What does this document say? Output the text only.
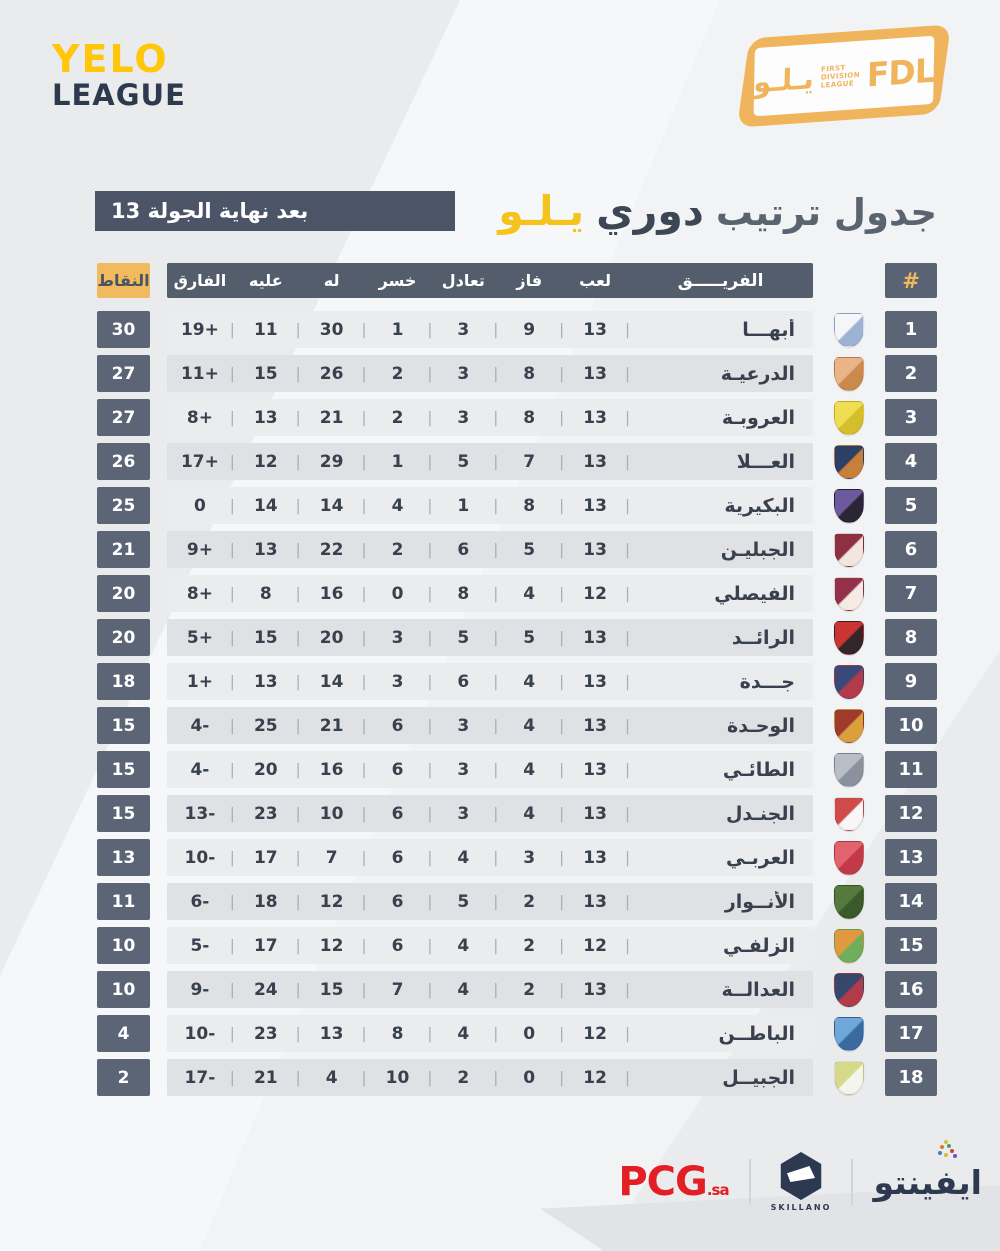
YELO
LEAGUE	يـلـو FIRST
DIVISION
LEAGUE FDL
بعد نهاية الجولة 13	جدول ترتيب
دوري
يـلـو
#
الفريـــــق
لعب
فاز
تعادل
خسر
له
عليه
الفارق
النقاط
1
أبهـــا
| 13
| 9
| 3
| 1
| 30
| 11
| 19+
30
2
الدرعيـة
| 13
| 8
| 3
| 2
| 26
| 15
| 11+
27
3
العروبـة
| 13
| 8
| 3
| 2
| 21
| 13
| 8+
27
4
العـــلا
| 13
| 7
| 5
| 1
| 29
| 12
| 17+
26
5
البكيرية
| 13
| 8
| 1
| 4
| 14
| 14
| 0
25
6
الجبليـن
| 13
| 5
| 6
| 2
| 22
| 13
| 9+
21
7
الفيصلي
| 12
| 4
| 8
| 0
| 16
| 8
| 8+
20
8
الرائــد
| 13
| 5
| 5
| 3
| 20
| 15
| 5+
20
9
جـــدة
| 13
| 4
| 6
| 3
| 14
| 13
| 1+
18
10
الوحـدة
| 13
| 4
| 3
| 6
| 21
| 25
| 4-
15
11
الطائـي
| 13
| 4
| 3
| 6
| 16
| 20
| 4-
15
12
الجنـدل
| 13
| 4
| 3
| 6
| 10
| 23
| 13-
15
13
العربـي
| 13
| 3
| 4
| 6
| 7
| 17
| 10-
13
14
الأنــوار
| 13
| 2
| 5
| 6
| 12
| 18
| 6-
11
15
الزلفـي
| 12
| 2
| 4
| 6
| 12
| 17
| 5-
10
16
العدالــة
| 13
| 2
| 4
| 7
| 15
| 24
| 9-
10
17
الباطــن
| 12
| 0
| 4
| 8
| 13
| 23
| 10-
4
18
الجبيــل
| 12
| 0
| 2
| 10
| 4
| 21
| 17-
2
PCG.sa
SKILLANO
ايفينتو
